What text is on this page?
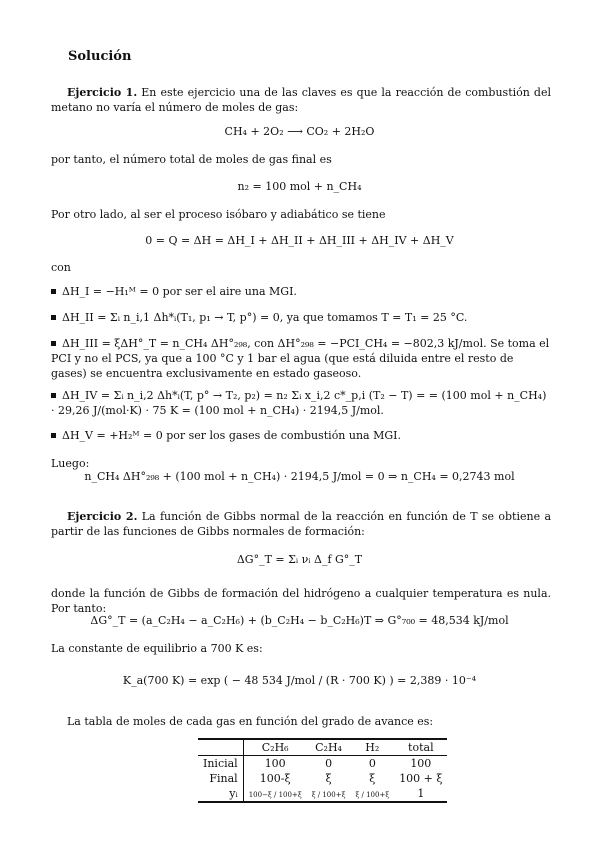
Solución
Ejercicio 1. En este ejercicio una de las claves es que la reacción de combustión del metano no varía el número de moles de gas:
CH₄ + 2O₂ ⟶ CO₂ + 2H₂O
por tanto, el número total de moles de gas final es
n₂ = 100 mol + n_CH₄
Por otro lado, al ser el proceso isóbaro y adiabático se tiene
0 = Q = ΔH = ΔH_I + ΔH_II + ΔH_III + ΔH_IV + ΔH_V
con
ΔH_I = −H₁ᴹ = 0 por ser el aire una MGI.
ΔH_II = Σᵢ n_i,1 Δh*ᵢ(T₁, p₁ → T, p°) = 0, ya que tomamos T = T₁ = 25 °C.
ΔH_III = ξΔH°_T = n_CH₄ ΔH°₂₉₈, con ΔH°₂₉₈ = −PCI_CH₄ = −802,3 kJ/mol. Se toma el PCI y no el PCS, ya que a 100 °C y 1 bar el agua (que está diluida entre el resto de gases) se encuentra exclusivamente en estado gaseoso.
ΔH_IV = Σᵢ n_i,2 Δh*ᵢ(T, p° → T₂, p₂) = n₂ Σᵢ x_i,2 c*_p,i (T₂ − T) = = (100 mol + n_CH₄) · 29,26 J/(mol·K) · 75 K = (100 mol + n_CH₄) · 2194,5 J/mol.
ΔH_V = +H₂ᴹ = 0 por ser los gases de combustión una MGI.
Luego:
n_CH₄ ΔH°₂₉₈ + (100 mol + n_CH₄) · 2194,5 J/mol = 0 ⇒ n_CH₄ = 0,2743 mol
Ejercicio 2. La función de Gibbs normal de la reacción en función de T se obtiene a partir de las funciones de Gibbs normales de formación:
ΔG°_T = Σᵢ νᵢ Δ_f G°_T
donde la función de Gibbs de formación del hidrógeno a cualquier temperatura es nula. Por tanto:
ΔG°_T = (a_C₂H₄ − a_C₂H₆) + (b_C₂H₄ − b_C₂H₆)T ⇒ G°₇₀₀ = 48,534 kJ/mol
La constante de equilibrio a 700 K es:
K_a(700 K) = exp ( − 48 534 J/mol / (R · 700 K) ) = 2,389 · 10⁻⁴
La tabla de moles de cada gas en función del grado de avance es:
	C₂H₆	C₂H₄	H₂	total
Inicial	100	0	0	100
Final	100-ξ	ξ	ξ	100 + ξ
yᵢ	100−ξ / 100+ξ	ξ / 100+ξ	ξ / 100+ξ	1
